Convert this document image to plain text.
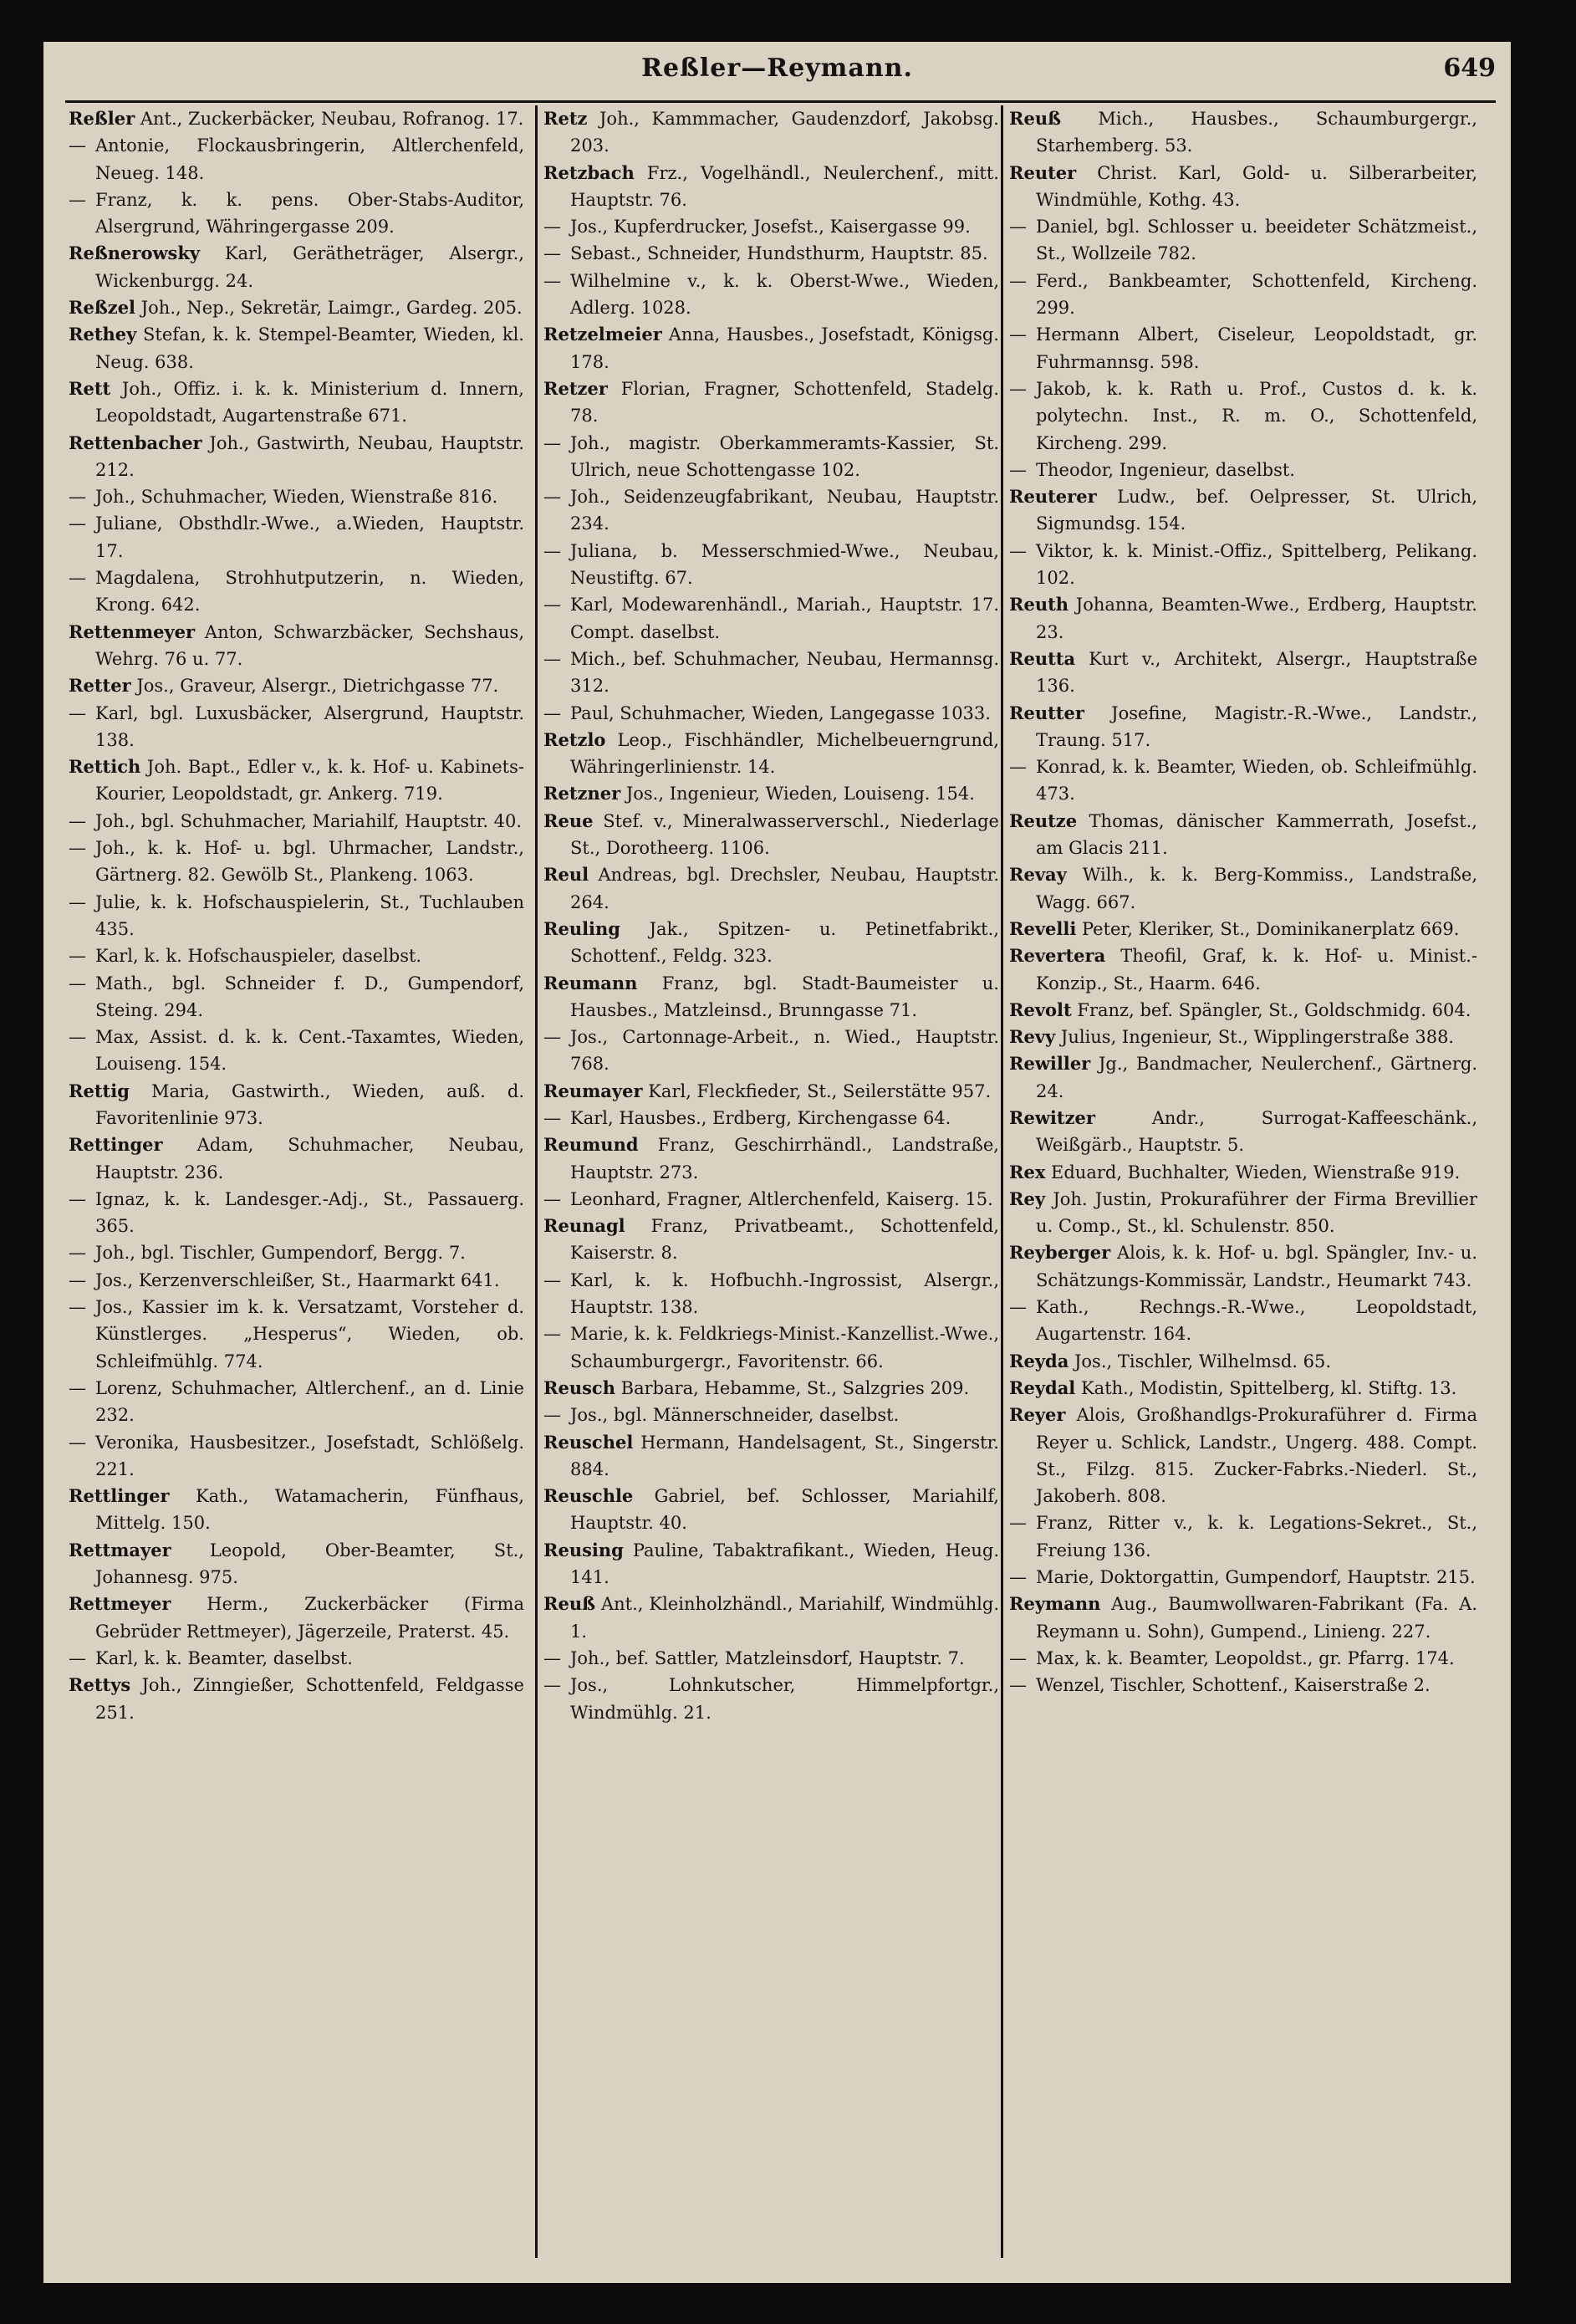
Reßler—Reymann.	649
Reßler Ant., Zuckerbäcker, Neubau, Rofranog. 17.
— Antonie, Flockausbringerin, Altlerchenfeld, Neueg. 148.
— Franz, k. k. pens. Ober-Stabs-Auditor, Alsergrund, Währingergasse 209.
Reßnerowsky Karl, Gerätheträger, Alsergr., Wickenburgg. 24.
Reßzel Joh., Nep., Sekretär, Laimgr., Gardeg. 205.
Rethey Stefan, k. k. Stempel-Beamter, Wieden, kl. Neug. 638.
Rett Joh., Offiz. i. k. k. Ministerium d. Innern, Leopoldstadt, Augartenstraße 671.
Rettenbacher Joh., Gastwirth, Neubau, Hauptstr. 212.
— Joh., Schuhmacher, Wieden, Wienstraße 816.
— Juliane, Obsthdlr.-Wwe., a.Wieden, Hauptstr. 17.
— Magdalena, Strohhutputzerin, n. Wieden, Krong. 642.
Rettenmeyer Anton, Schwarzbäcker, Sechshaus, Wehrg. 76 u. 77.
Retter Jos., Graveur, Alsergr., Dietrichgasse 77.
— Karl, bgl. Luxusbäcker, Alsergrund, Hauptstr. 138.
Rettich Joh. Bapt., Edler v., k. k. Hof- u. Kabinets-Kourier, Leopoldstadt, gr. Ankerg. 719.
— Joh., bgl. Schuhmacher, Mariahilf, Hauptstr. 40.
— Joh., k. k. Hof- u. bgl. Uhrmacher, Landstr., Gärtnerg. 82. Gewölb St., Plankeng. 1063.
— Julie, k. k. Hofschauspielerin, St., Tuchlauben 435.
— Karl, k. k. Hofschauspieler, daselbst.
— Math., bgl. Schneider f. D., Gumpendorf, Steing. 294.
— Max, Assist. d. k. k. Cent.-Taxamtes, Wieden, Louiseng. 154.
Rettig Maria, Gastwirth., Wieden, auß. d. Favoritenlinie 973.
Rettinger Adam, Schuhmacher, Neubau, Hauptstr. 236.
— Ignaz, k. k. Landesger.-Adj., St., Passauerg. 365.
— Joh., bgl. Tischler, Gumpendorf, Bergg. 7.
— Jos., Kerzenverschleißer, St., Haarmarkt 641.
— Jos., Kassier im k. k. Versatzamt, Vorsteher d. Künstlerges. „Hesperus“, Wieden, ob. Schleifmühlg. 774.
— Lorenz, Schuhmacher, Altlerchenf., an d. Linie 232.
— Veronika, Hausbesitzer., Josefstadt, Schlößelg. 221.
Rettlinger Kath., Watamacherin, Fünfhaus, Mittelg. 150.
Rettmayer Leopold, Ober-Beamter, St., Johannesg. 975.
Rettmeyer Herm., Zuckerbäcker (Firma Gebrüder Rettmeyer), Jägerzeile, Praterst. 45.
— Karl, k. k. Beamter, daselbst.
Rettys Joh., Zinngießer, Schottenfeld, Feldgasse 251.
Retz Joh., Kammmacher, Gaudenzdorf, Jakobsg. 203.
Retzbach Frz., Vogelhändl., Neulerchenf., mitt. Hauptstr. 76.
— Jos., Kupferdrucker, Josefst., Kaisergasse 99.
— Sebast., Schneider, Hundsthurm, Hauptstr. 85.
— Wilhelmine v., k. k. Oberst-Wwe., Wieden, Adlerg. 1028.
Retzelmeier Anna, Hausbes., Josefstadt, Königsg. 178.
Retzer Florian, Fragner, Schottenfeld, Stadelg. 78.
— Joh., magistr. Oberkammeramts-Kassier, St. Ulrich, neue Schottengasse 102.
— Joh., Seidenzeugfabrikant, Neubau, Hauptstr. 234.
— Juliana, b. Messerschmied-Wwe., Neubau, Neustiftg. 67.
— Karl, Modewarenhändl., Mariah., Hauptstr. 17. Compt. daselbst.
— Mich., bef. Schuhmacher, Neubau, Hermannsg. 312.
— Paul, Schuhmacher, Wieden, Langegasse 1033.
Retzlo Leop., Fischhändler, Michelbeuerngrund, Währingerlinienstr. 14.
Retzner Jos., Ingenieur, Wieden, Louiseng. 154.
Reue Stef. v., Mineralwasserverschl., Niederlage St., Dorotheerg. 1106.
Reul Andreas, bgl. Drechsler, Neubau, Hauptstr. 264.
Reuling Jak., Spitzen- u. Petinetfabrikt., Schottenf., Feldg. 323.
Reumann Franz, bgl. Stadt-Baumeister u. Hausbes., Matzleinsd., Brunngasse 71.
— Jos., Cartonnage-Arbeit., n. Wied., Hauptstr. 768.
Reumayer Karl, Fleckfieder, St., Seilerstätte 957.
— Karl, Hausbes., Erdberg, Kirchengasse 64.
Reumund Franz, Geschirrhändl., Landstraße, Hauptstr. 273.
— Leonhard, Fragner, Altlerchenfeld, Kaiserg. 15.
Reunagl Franz, Privatbeamt., Schottenfeld, Kaiserstr. 8.
— Karl, k. k. Hofbuchh.-Ingrossist, Alsergr., Hauptstr. 138.
— Marie, k. k. Feldkriegs-Minist.-Kanzellist.-Wwe., Schaumburgergr., Favoritenstr. 66.
Reusch Barbara, Hebamme, St., Salzgries 209.
— Jos., bgl. Männerschneider, daselbst.
Reuschel Hermann, Handelsagent, St., Singerstr. 884.
Reuschle Gabriel, bef. Schlosser, Mariahilf, Hauptstr. 40.
Reusing Pauline, Tabaktrafikant., Wieden, Heug. 141.
Reuß Ant., Kleinholzhändl., Mariahilf, Windmühlg. 1.
— Joh., bef. Sattler, Matzleinsdorf, Hauptstr. 7.
— Jos., Lohnkutscher, Himmelpfortgr., Windmühlg. 21.
Reuß Mich., Hausbes., Schaumburgergr., Starhemberg. 53.
Reuter Christ. Karl, Gold- u. Silberarbeiter, Windmühle, Kothg. 43.
— Daniel, bgl. Schlosser u. beeideter Schätzmeist., St., Wollzeile 782.
— Ferd., Bankbeamter, Schottenfeld, Kircheng. 299.
— Hermann Albert, Ciseleur, Leopoldstadt, gr. Fuhrmannsg. 598.
— Jakob, k. k. Rath u. Prof., Custos d. k. k. polytechn. Inst., R. m. O., Schottenfeld, Kircheng. 299.
— Theodor, Ingenieur, daselbst.
Reuterer Ludw., bef. Oelpresser, St. Ulrich, Sigmundsg. 154.
— Viktor, k. k. Minist.-Offiz., Spittelberg, Pelikang. 102.
Reuth Johanna, Beamten-Wwe., Erdberg, Hauptstr. 23.
Reutta Kurt v., Architekt, Alsergr., Hauptstraße 136.
Reutter Josefine, Magistr.-R.-Wwe., Landstr., Traung. 517.
— Konrad, k. k. Beamter, Wieden, ob. Schleifmühlg. 473.
Reutze Thomas, dänischer Kammerrath, Josefst., am Glacis 211.
Revay Wilh., k. k. Berg-Kommiss., Landstraße, Wagg. 667.
Revelli Peter, Kleriker, St., Dominikanerplatz 669.
Revertera Theofil, Graf, k. k. Hof- u. Minist.-Konzip., St., Haarm. 646.
Revolt Franz, bef. Spängler, St., Goldschmidg. 604.
Revy Julius, Ingenieur, St., Wipplingerstraße 388.
Rewiller Jg., Bandmacher, Neulerchenf., Gärtnerg. 24.
Rewitzer	Andr., Surrogat-Kaffeeschänk., Weißgärb., Hauptstr. 5.
Rex Eduard, Buchhalter, Wieden, Wienstraße 919.
Rey Joh. Justin, Prokuraführer der Firma Brevillier u. Comp., St., kl. Schulenstr. 850.
Reyberger Alois, k. k. Hof- u. bgl. Spängler, Inv.- u. Schätzungs-Kommissär, Landstr., Heumarkt 743.
— Kath., Rechngs.-R.-Wwe., Leopoldstadt, Augartenstr. 164.
Reyda Jos., Tischler, Wilhelmsd. 65.
Reydal Kath., Modistin, Spittelberg, kl. Stiftg. 13.
Reyer Alois, Großhandlgs-Prokuraführer d. Firma Reyer u. Schlick, Landstr., Ungerg. 488. Compt. St., Filzg. 815. Zucker-Fabrks.-Niederl. St., Jakoberh. 808.
— Franz, Ritter v., k. k. Legations-Sekret., St., Freiung 136.
— Marie, Doktorgattin, Gumpendorf, Hauptstr. 215.
Reymann Aug., Baumwollwaren-Fabrikant (Fa. A. Reymann u. Sohn), Gumpend., Linieng. 227.
— Max, k. k. Beamter, Leopoldst., gr. Pfarrg. 174.
— Wenzel, Tischler, Schottenf., Kaiserstraße 2.
